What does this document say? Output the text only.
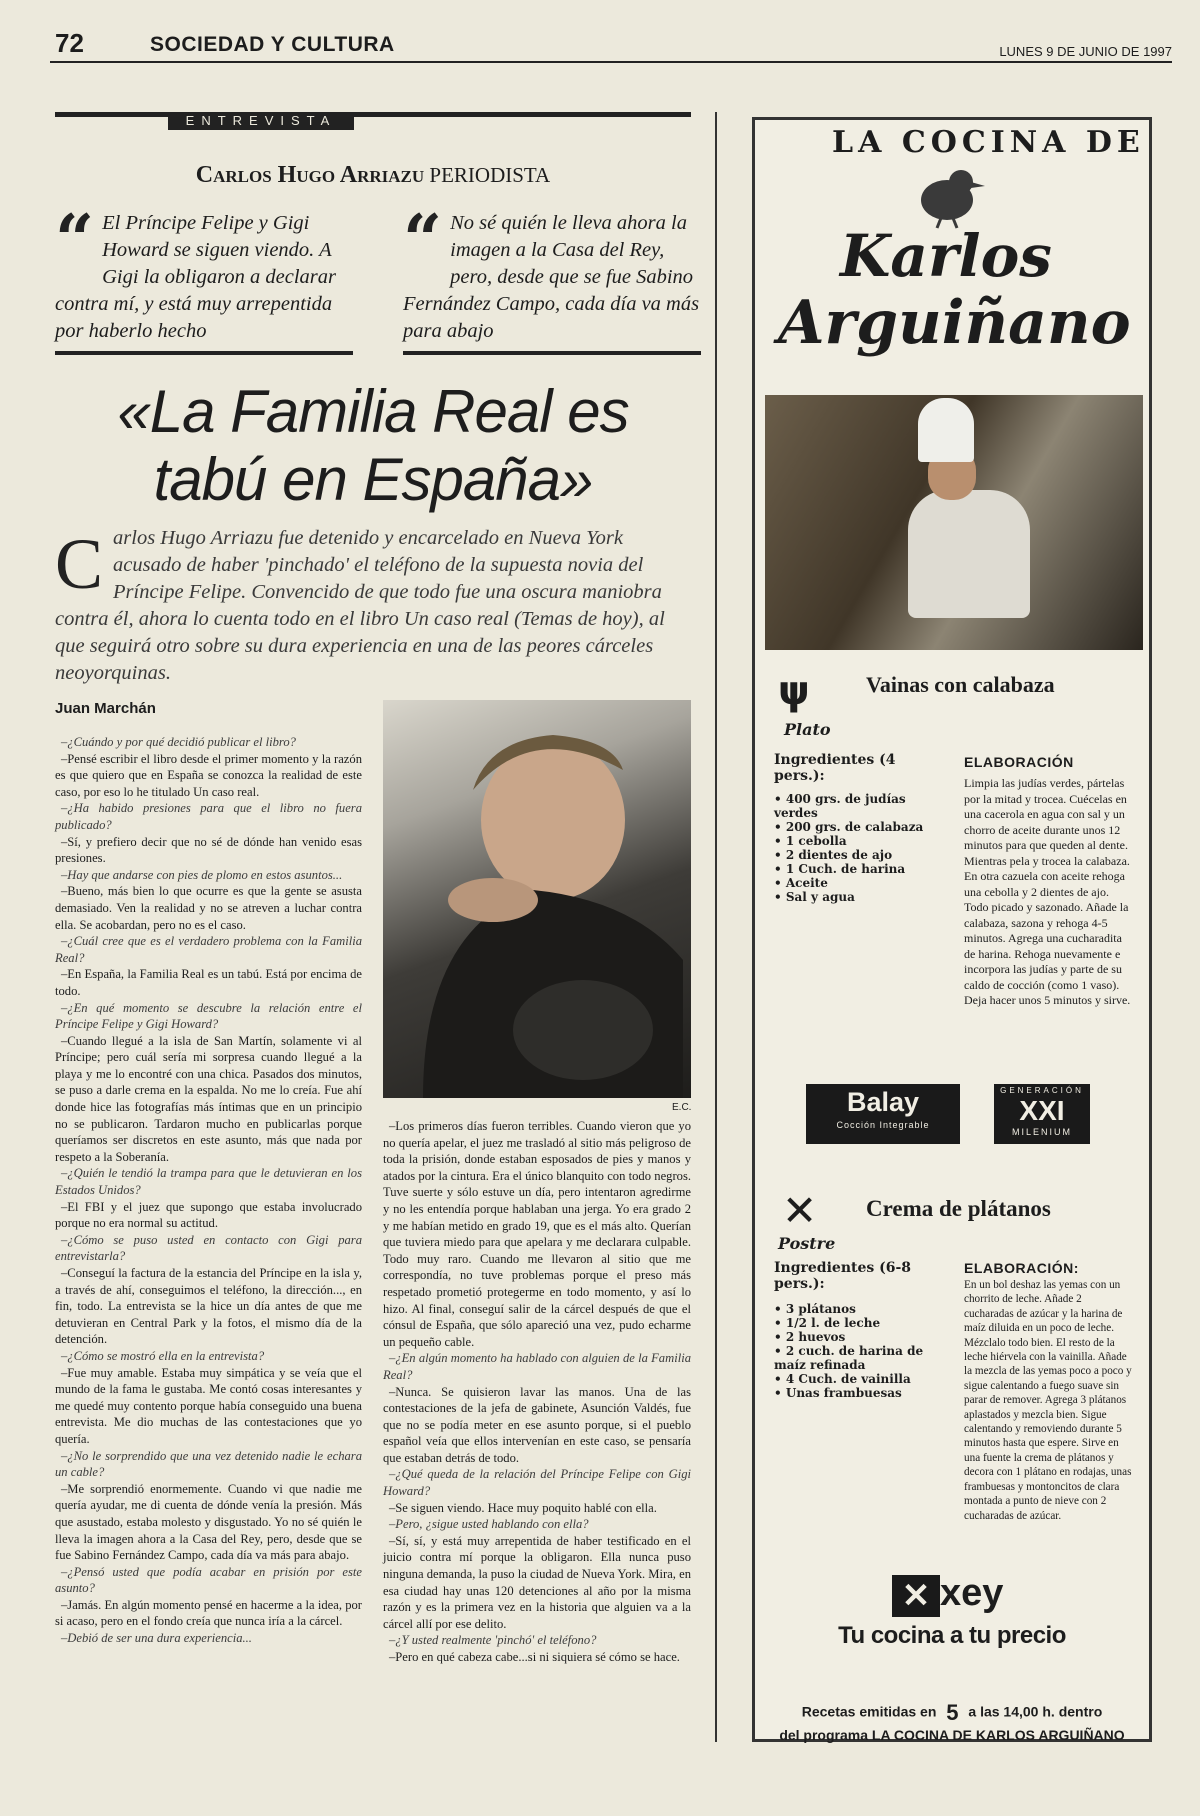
72	SOCIEDAD Y CULTURA	LUNES 9 DE JUNIO DE 1997
ENTREVISTA
Carlos Hugo Arriazu PERIODISTA
“ El Príncipe Felipe y Gigi Howard se siguen viendo. A Gigi la obligaron a declarar contra mí, y está muy arrepentida por haberlo hecho
“ No sé quién le lleva ahora la imagen a la Casa del Rey, pero, desde que se fue Sabino Fernández Campo, cada día va más para abajo
«La Familia Real es
tabú en España»
C arlos Hugo Arriazu fue detenido y encarcelado en Nueva York acusado de haber 'pinchado' el teléfono de la supuesta novia del Príncipe Felipe. Convencido de que todo fue una oscura maniobra contra él, ahora lo cuenta todo en el libro Un caso real (Temas de hoy), al que seguirá otro sobre su dura experiencia en una de las peores cárceles neoyorquinas.
Juan Marchán

–¿Cuándo y por qué decidió publicar el libro?

–Pensé escribir el libro desde el primer momento y la razón es que quiero que en España se conozca la realidad de este caso, por eso lo he titulado Un caso real.

–¿Ha habido presiones para que el libro no fuera publicado?

–Sí, y prefiero decir que no sé de dónde han venido esas presiones.

–Hay que andarse con pies de plomo en estos asuntos...

–Bueno, más bien lo que ocurre es que la gente se asusta demasiado. Ven la realidad y no se atreven a luchar contra ella. Se acobardan, pero no es el caso.

–¿Cuál cree que es el verdadero problema con la Familia Real?

–En España, la Familia Real es un tabú. Está por encima de todo.

–¿En qué momento se descubre la relación entre el Príncipe Felipe y Gigi Howard?

–Cuando llegué a la isla de San Martín, solamente vi al Príncipe; pero cuál sería mi sorpresa cuando llegué a la playa y me lo encontré con una chica. Pasados dos minutos, se puso a darle crema en la espalda. No me lo creía. Fue ahí donde hice las fotografías más íntimas que en un principio no se publicaron. Tardaron mucho en publicarlas porque queríamos ser discretos en este asunto, más que nada por respeto a la Soberanía.

–¿Quién le tendió la trampa para que le detuvieran en los Estados Unidos?

–El FBI y el juez que supongo que estaba involucrado porque no era normal su actitud.

–¿Cómo se puso usted en contacto con Gigi para entrevistarla?

–Conseguí la factura de la estancia del Príncipe en la isla y, a través de ahí, conseguimos el teléfono, la dirección..., en fin, todo. La entrevista se la hice un día antes de que me detuvieran en Central Park y la fotos, el mismo día de la detención.

–¿Cómo se mostró ella en la entrevista?

–Fue muy amable. Estaba muy simpática y se veía que el mundo de la fama le gustaba. Me contó cosas interesantes y me quedé muy contento porque había conseguido una buena entrevista. Me dio muchas de las contestaciones que yo quería.

–¿No le sorprendido que una vez detenido nadie le echara un cable?

–Me sorprendió enormemente. Cuando vi que nadie me quería ayudar, me di cuenta de dónde venía la presión. Más que asustado, estaba molesto y disgustado. Yo no sé quién le lleva la imagen ahora a la Casa del Rey, pero, desde que se fue Sabino Fernández Campo, cada día va más para abajo.

–¿Pensó usted que podía acabar en prisión por este asunto?

–Jamás. En algún momento pensé en hacerme a la idea, por si acaso, pero en el fondo creía que nunca iría a la cárcel.

–Debió de ser una dura experiencia...

E.C.

–Los primeros días fueron terribles. Cuando vieron que yo no quería apelar, el juez me trasladó al sitio más peligroso de toda la prisión, donde estaban esposados de pies y manos y atados por la cintura. Era el único blanquito con todo negros. Tuve suerte y sólo estuve un día, pero intentaron agredirme y no les entendía porque hablaban una jerga. Yo era grado 2 y me habían metido en grado 19, que es el más alto. Querían que tuviera miedo para que apelara y me declarara culpable. Todo muy raro. Cuando me llevaron al sitio que me correspondía, no tuve problemas porque el preso más respetado prometió protegerme en todo momento, y así lo hizo. Al final, conseguí salir de la cárcel después de que el cónsul de España, que sólo apareció una vez, pudo echarme un pequeño cable.

–¿En algún momento ha hablado con alguien de la Familia Real?

–Nunca. Se quisieron lavar las manos. Una de las contestaciones de la jefa de gabinete, Asunción Valdés, fue que no se podía meter en ese asunto porque, si el pueblo español veía que ellos intervenían en este caso, se pensaría que estaban detrás de todo.

–¿Qué queda de la relación del Príncipe Felipe con Gigi Howard?

–Se siguen viendo. Hace muy poquito hablé con ella.

–Pero, ¿sigue usted hablando con ella?

–Sí, sí, y está muy arrepentida de haber testificado en el juicio contra mí porque la obligaron. Ella nunca puso ninguna demanda, la puso la ciudad de Nueva York. Mira, en esa ciudad hay unas 120 detenciones al año por la misma razón y es la primera vez en la historia que alguien va a la cárcel allí por ese delito.

–¿Y usted realmente 'pinchó' el teléfono?

–Pero en qué cabeza cabe...si ni siquiera sé cómo se hace.

LA COCINA DE
Karlos
Arguiñano
ψ
Plato
Vainas con calabaza
Ingredientes (4 pers.):
• 400 grs. de judías verdes
• 200 grs. de calabaza
• 1 cebolla
• 2 dientes de ajo
• 1 Cuch. de harina
• Aceite
• Sal y agua
ELABORACIÓN
Limpia las judías verdes, pártelas por la mitad y trocea. Cuécelas en una cacerola en agua con sal y un chorro de aceite durante unos 12 minutos para que queden al dente. Mientras pela y trocea la calabaza. En otra cazuela con aceite rehoga una cebolla y 2 dientes de ajo. Todo picado y sazonado. Añade la calabaza, sazona y rehoga 4-5 minutos. Agrega una cucharadita de harina. Rehoga nuevamente e incorpora las judías y parte de su caldo de cocción (como 1 vaso). Deja hacer unos 5 minutos y sirve.
Balay
Cocción Integrable
GENERACIÓN
XXI
MILENIUM
✕
Postre
Crema de plátanos
Ingredientes (6-8 pers.):
• 3 plátanos
• 1/2 l. de leche
• 2 huevos
• 2 cuch. de harina de maíz refinada
• 4 Cuch. de vainilla
• Unas frambuesas
ELABORACIÓN:
En un bol deshaz las yemas con un chorrito de leche. Añade 2 cucharadas de azúcar y la harina de maíz diluida en un poco de leche. Mézclalo todo bien. El resto de la leche hiérvela con la vainilla. Añade la mezcla de las yemas poco a poco y sigue calentando a fuego suave sin parar de remover. Agrega 3 plátanos aplastados y mezcla bien. Sigue calentando y removiendo durante 5 minutos hasta que espere. Sirve en una fuente la crema de plátanos y decora con 1 plátano en rodajas, unas frambuesas y montoncitos de clara montada a punto de nieve con 2 cucharadas de azúcar.
✕ xey
Tu cocina a tu precio
Recetas emitidas en 5 a las 14,00 h. dentro
del programa LA COCINA DE KARLOS ARGUIÑANO
